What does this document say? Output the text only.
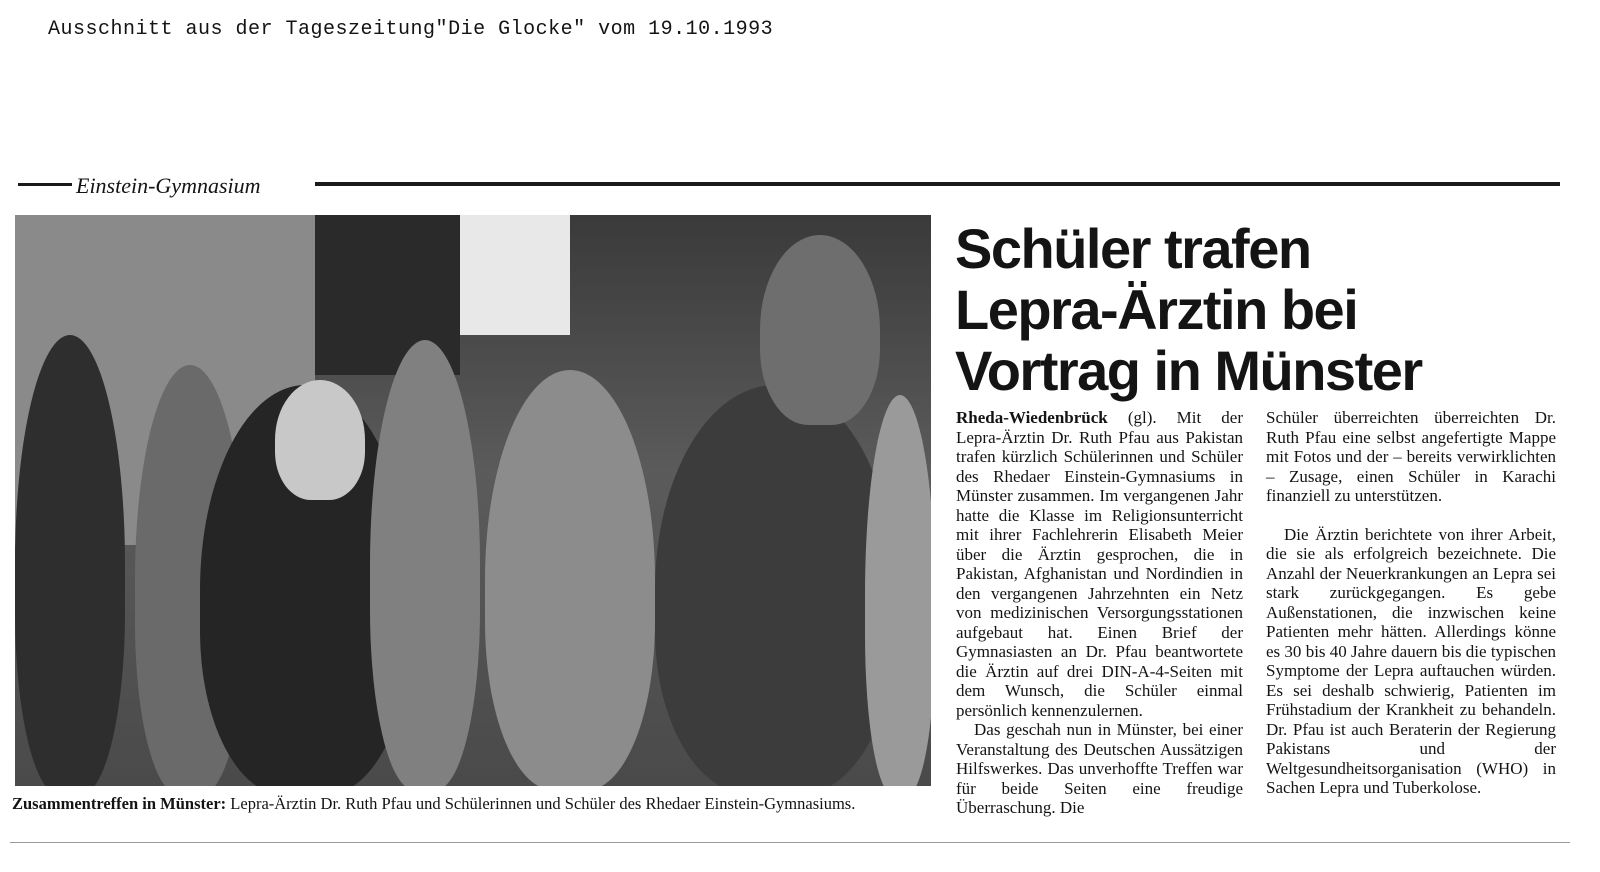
Ausschnitt aus der Tageszeitung"Die Glocke" vom 19.10.1993
Einstein-Gymnasium
Zusammentreffen in Münster: Lepra-Ärztin Dr. Ruth Pfau und Schülerinnen und Schüler des Rhedaer Einstein-Gymnasiums.
Schüler trafen
Lepra-Ärztin bei
Vortrag in Münster

Rheda-Wiedenbrück (gl). Mit der Lepra-Ärztin Dr. Ruth Pfau aus Pakistan trafen kürzlich Schülerinnen und Schüler des Rhedaer Einstein-Gymnasiums in Münster zusammen. Im vergangenen Jahr hatte die Klasse im Religionsunterricht mit ihrer Fachlehrerin Elisabeth Meier über die Ärztin gesprochen, die in Pakistan, Afghanistan und Nordindien in den vergangenen Jahrzehnten ein Netz von medizinischen Versorgungsstationen aufgebaut hat. Einen Brief der Gymnasiasten an Dr. Pfau beantwortete die Ärztin auf drei DIN-A-4-Seiten mit dem Wunsch, die Schüler einmal persönlich kennenzulernen.

Das geschah nun in Münster, bei einer Veranstaltung des Deutschen Aussätzigen Hilfswerkes. Das unverhoffte Treffen war für beide Seiten eine freudige Überraschung. Die

Schüler überreichten überreichten Dr. Ruth Pfau eine selbst angefertigte Mappe mit Fotos und der – bereits verwirklichten – Zusage, einen Schüler in Karachi finanziell zu unterstützen.

Die Ärztin berichtete von ihrer Arbeit, die sie als erfolgreich bezeichnete. Die Anzahl der Neuerkrankungen an Lepra sei stark zurückgegangen. Es gebe Außenstationen, die inzwischen keine Patienten mehr hätten. Allerdings könne es 30 bis 40 Jahre dauern bis die typischen Symptome der Lepra auftauchen würden. Es sei deshalb schwierig, Patienten im Frühstadium der Krankheit zu behandeln. Dr. Pfau ist auch Beraterin der Regierung Pakistans und der Weltgesundheitsorganisation (WHO) in Sachen Lepra und Tuberkolose.
